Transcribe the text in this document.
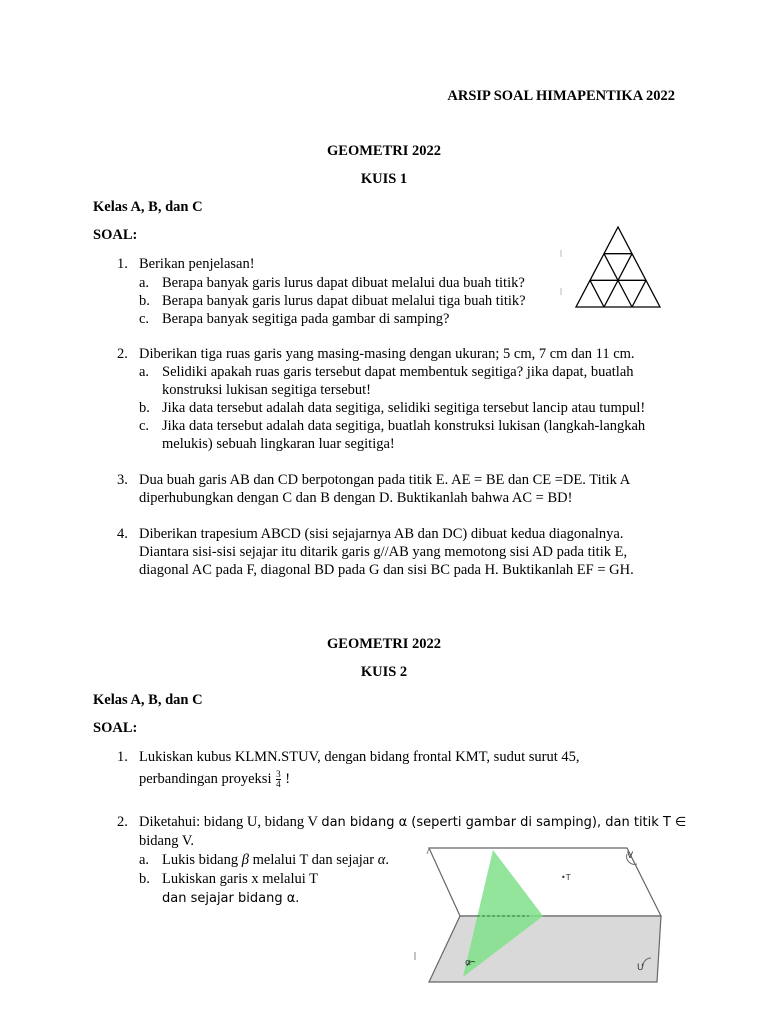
ARSIP SOAL HIMAPENTIKA 2022
GEOMETRI 2022
KUIS 1
Kelas A, B, dan C
SOAL:
1. Berikan penjelasan!
a. Berapa banyak garis lurus dapat dibuat melalui dua buah titik?
b. Berapa banyak garis lurus dapat dibuat melalui tiga buah titik?
c. Berapa banyak segitiga pada gambar di samping?
2. Diberikan tiga ruas garis yang masing-masing dengan ukuran; 5 cm, 7 cm dan 11 cm.
a. Selidiki apakah ruas garis tersebut dapat membentuk segitiga? jika dapat, buatlah
konstruksi lukisan segitiga tersebut!
b. Jika data tersebut adalah data segitiga, selidiki segitiga tersebut lancip atau tumpul!
c. Jika data tersebut adalah data segitiga, buatlah konstruksi lukisan (langkah-langkah
melukis) sebuah lingkaran luar segitiga!
3. Dua buah garis AB dan CD berpotongan pada titik E. AE = BE dan CE =DE. Titik A
diperhubungkan dengan C dan B dengan D. Buktikanlah bahwa AC = BD!
4. Diberikan trapesium ABCD (sisi sejajarnya AB dan DC) dibuat kedua diagonalnya.
Diantara sisi-sisi sejajar itu ditarik garis g//AB yang memotong sisi AD pada titik E,
diagonal AC pada F, diagonal BD pada G dan sisi BC pada H. Buktikanlah EF = GH.
GEOMETRI 2022
KUIS 2
Kelas A, B, dan C
SOAL:
1. Lukiskan kubus KLMN.STUV, dengan bidang frontal KMT, sudut surut 45,
perbandingan proyeksi $\frac{3}{4}$ !
2. Diketahui: bidang U, bidang V dan bidang α (seperti gambar di samping), dan titik T ∈
bidang V.
a. Lukis bidang β melalui T dan sejajar α.
b. Lukiskan garis x melalui T
dan sejajar bidang α.
V
U
•T
α
